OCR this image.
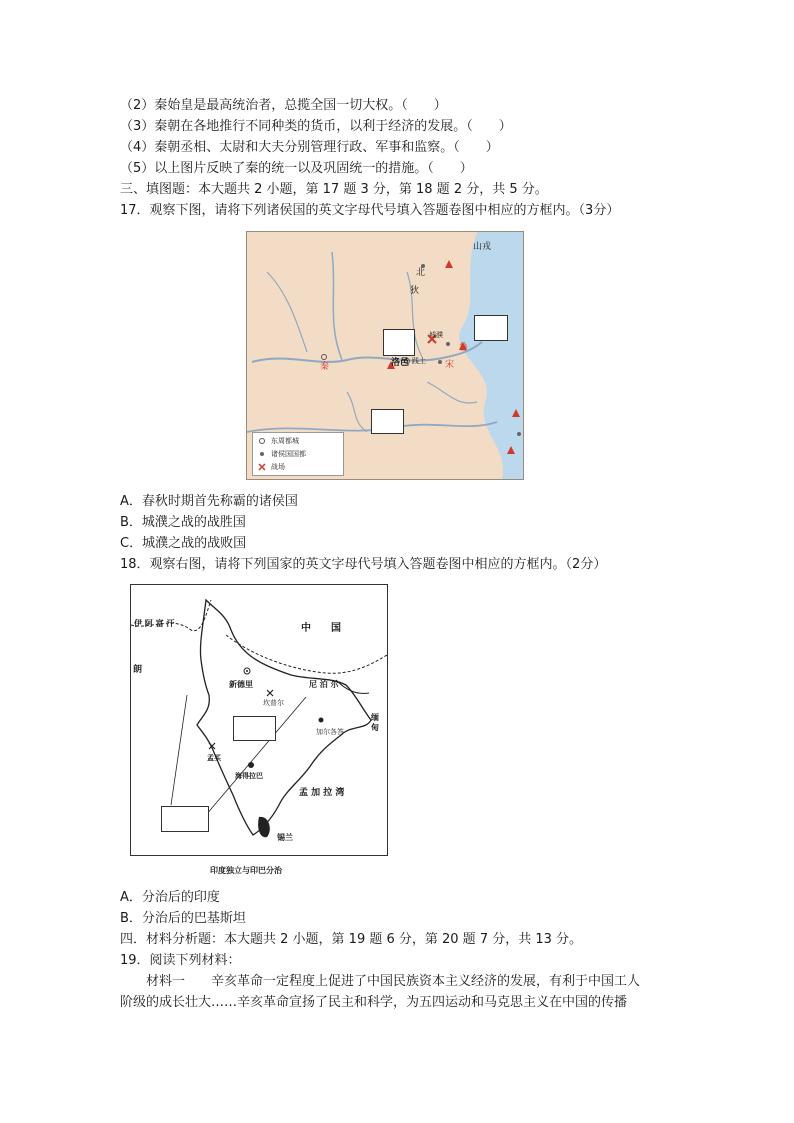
（2）秦始皇是最高统治者，总揽全国一切大权。（　　）
（3）秦朝在各地推行不同种类的货币，以利于经济的发展。（　　）
（4）秦朝丞相、太尉和大夫分别管理行政、军事和监察。（　　）
（5）以上图片反映了秦的统一以及巩固统一的措施。（　　）
三、填图题：本大题共 2 小题，第 17 题 3 分，第 18 题 2 分，共 5 分。
17．观察下图，请将下列诸侯国的英文字母代号填入答题卷图中相应的方框内。（3分）
山戎
北
狄
城濮
洛邑 践土
秦
鲁
宋
东周都城
诸侯国国都
战场
A．春秋时期首先称霸的诸侯国
B．城濮之战的战胜国
C．城濮之战的战败国
18．观察右图，请将下列国家的英文字母代号填入答题卷图中相应的方框内。（2分）
伊 阿 富 汗	中　　国
朗
新德里
坎普尔
尼 泊 尔
缅 甸
加尔各答
孟买
海得拉巴
孟 加 拉 湾
锡兰
印度独立与印巴分治
A．分治后的印度
B．分治后的巴基斯坦
四．材料分析题：本大题共 2 小题，第 19 题 6 分，第 20 题 7 分，共 13 分。
19．阅读下列材料：
　　材料一　　辛亥革命一定程度上促进了中国民族资本主义经济的发展，有利于中国工人
阶级的成长壮大……辛亥革命宣扬了民主和科学，为五四运动和马克思主义在中国的传播
